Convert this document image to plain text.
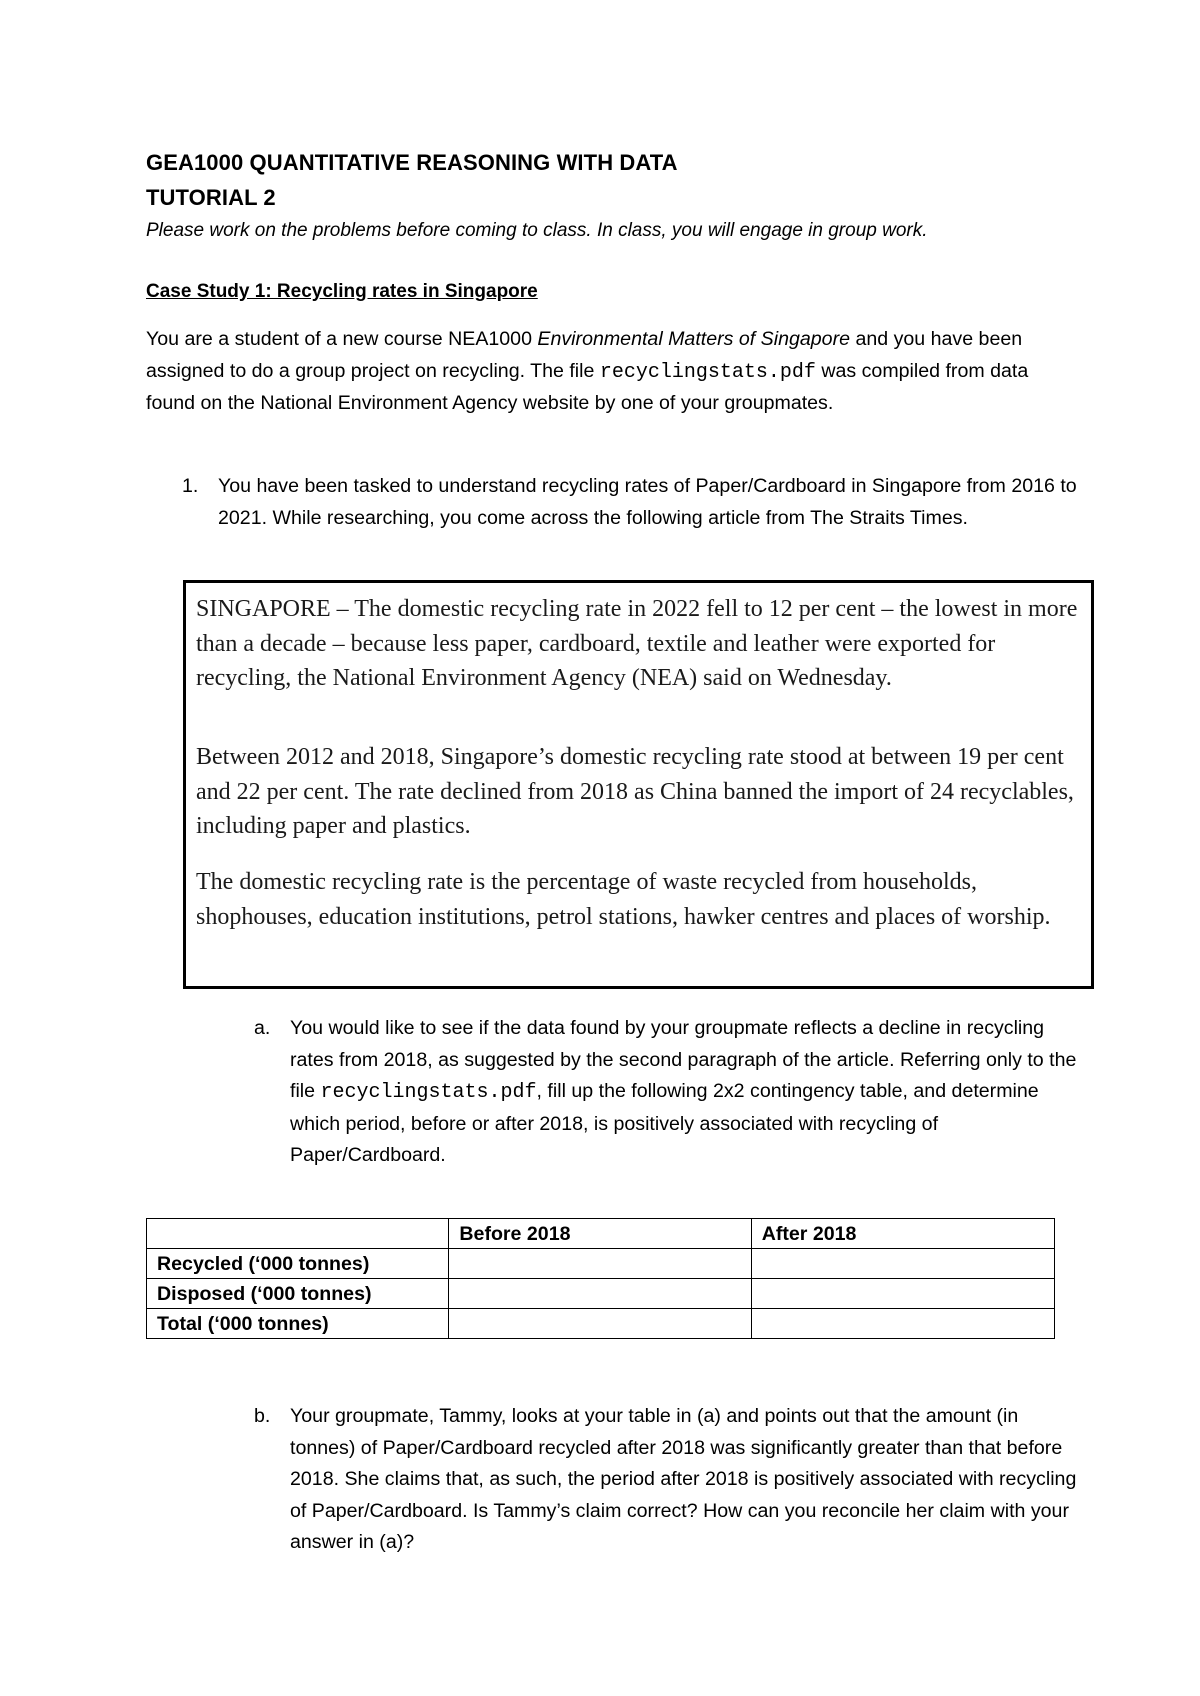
GEA1000 QUANTITATIVE REASONING WITH DATA
TUTORIAL 2
Please work on the problems before coming to class. In class, you will engage in group work.
Case Study 1: Recycling rates in Singapore
You are a student of a new course NEA1000 Environmental Matters of Singapore and you have been assigned to do a group project on recycling. The file recyclingstats.pdf was compiled from data found on the National Environment Agency website by one of your groupmates.
1. You have been tasked to understand recycling rates of Paper/Cardboard in Singapore from 2016 to 2021. While researching, you come across the following article from The Straits Times.
SINGAPORE – The domestic recycling rate in 2022 fell to 12 per cent – the lowest in more than a decade – because less paper, cardboard, textile and leather were exported for recycling, the National Environment Agency (NEA) said on Wednesday.
Between 2012 and 2018, Singapore’s domestic recycling rate stood at between 19 per cent and 22 per cent. The rate declined from 2018 as China banned the import of 24 recyclables, including paper and plastics.
The domestic recycling rate is the percentage of waste recycled from households, shophouses, education institutions, petrol stations, hawker centres and places of worship.
a. You would like to see if the data found by your groupmate reflects a decline in recycling rates from 2018, as suggested by the second paragraph of the article. Referring only to the file recyclingstats.pdf, fill up the following 2x2 contingency table, and determine which period, before or after 2018, is positively associated with recycling of Paper/Cardboard.
	Before 2018	After 2018
Recycled (‘000 tonnes)		
Disposed (‘000 tonnes)		
Total (‘000 tonnes)		
b. Your groupmate, Tammy, looks at your table in (a) and points out that the amount (in tonnes) of Paper/Cardboard recycled after 2018 was significantly greater than that before 2018. She claims that, as such, the period after 2018 is positively associated with recycling of Paper/Cardboard. Is Tammy’s claim correct? How can you reconcile her claim with your answer in (a)?
